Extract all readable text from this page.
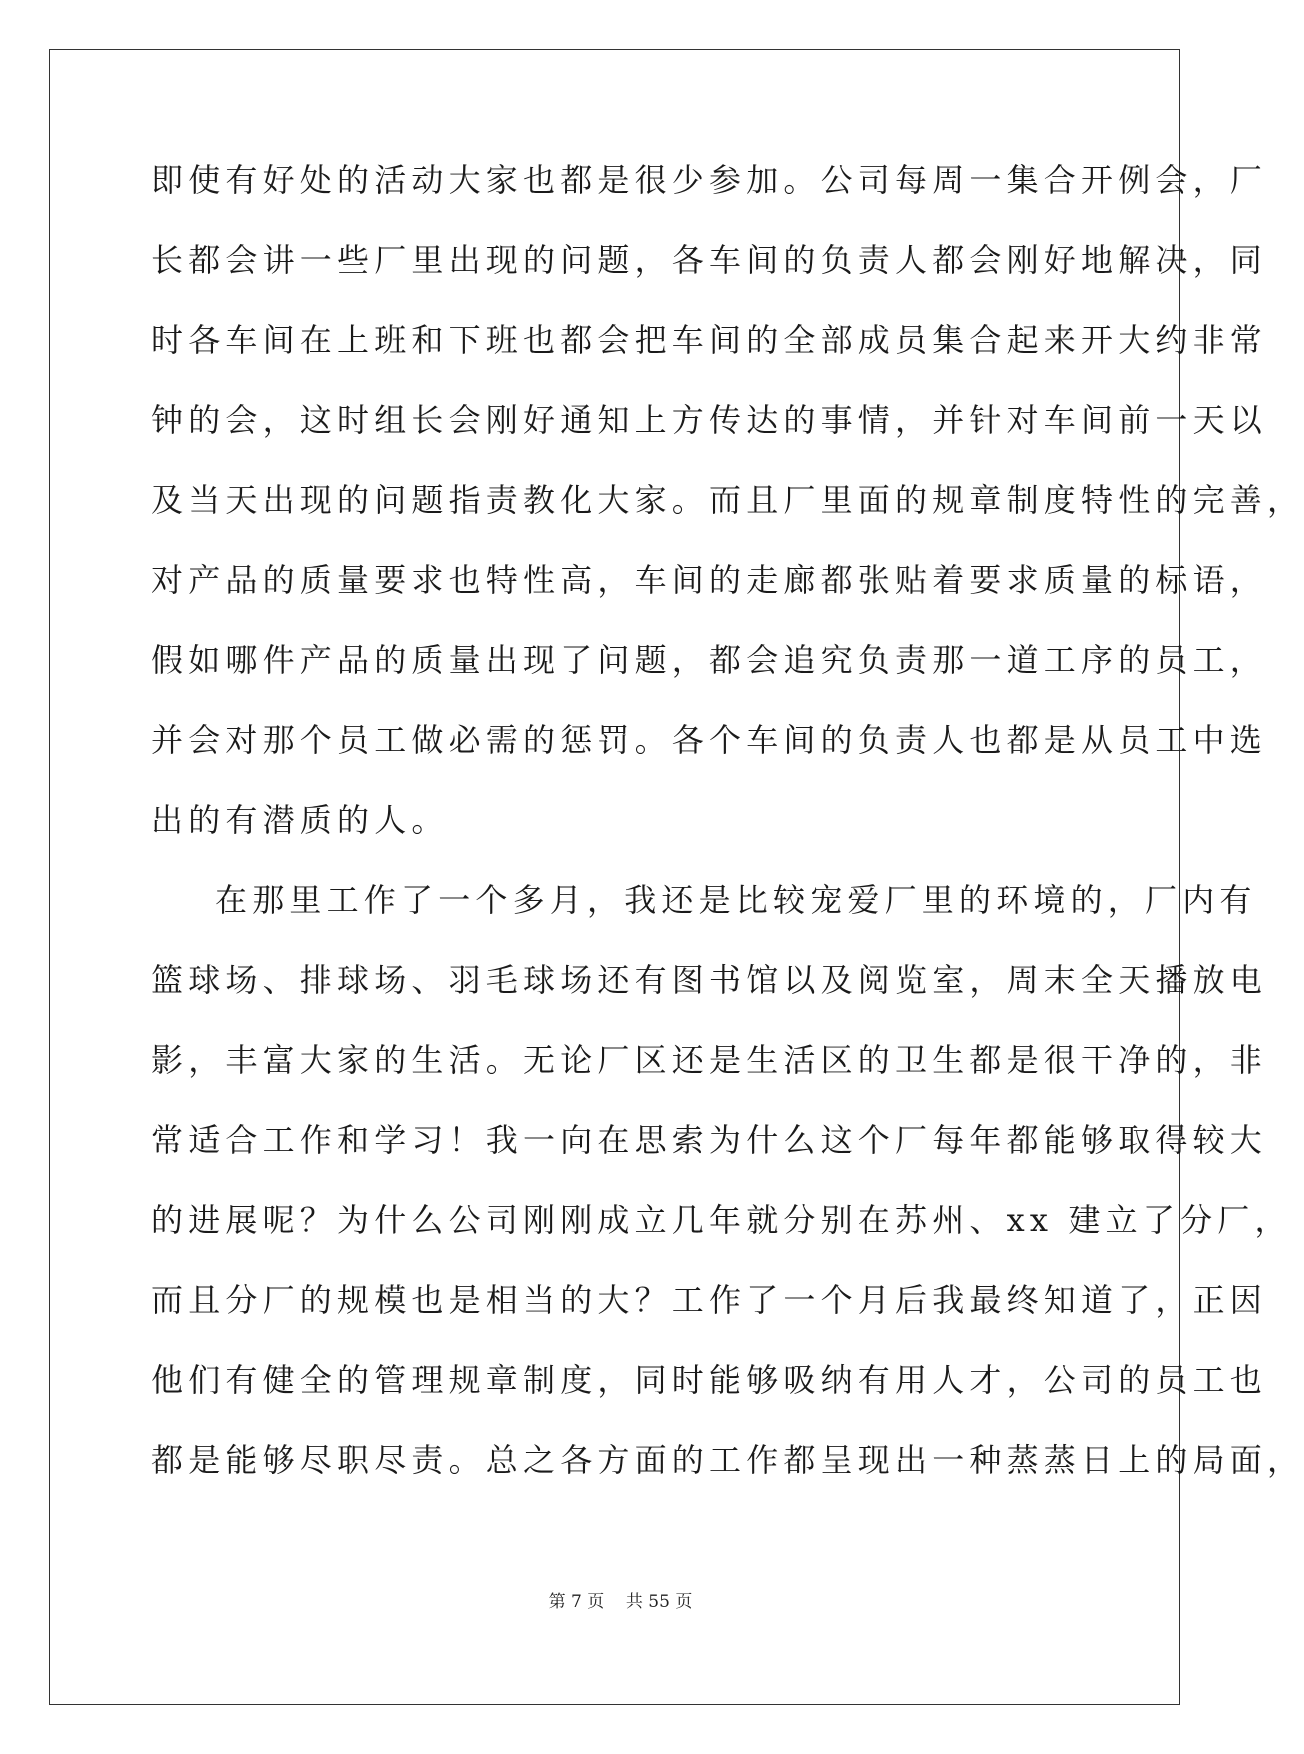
即使有好处的活动大家也都是很少参加。公司每周一集合开例会，厂
长都会讲一些厂里出现的问题，各车间的负责人都会刚好地解决，同
时各车间在上班和下班也都会把车间的全部成员集合起来开大约非常
钟的会，这时组长会刚好通知上方传达的事情，并针对车间前一天以
及当天出现的问题指责教化大家。而且厂里面的规章制度特性的完善，
对产品的质量要求也特性高，车间的走廊都张贴着要求质量的标语，
假如哪件产品的质量出现了问题，都会追究负责那一道工序的员工，
并会对那个员工做必需的惩罚。各个车间的负责人也都是从员工中选
出的有潜质的人。
在那里工作了一个多月，我还是比较宠爱厂里的环境的，厂内有
篮球场、排球场、羽毛球场还有图书馆以及阅览室，周末全天播放电
影，丰富大家的生活。无论厂区还是生活区的卫生都是很干净的，非
常适合工作和学习！我一向在思索为什么这个厂每年都能够取得较大
的进展呢？为什么公司刚刚成立几年就分别在苏州、xx 建立了分厂，
而且分厂的规模也是相当的大？工作了一个月后我最终知道了，正因
他们有健全的管理规章制度，同时能够吸纳有用人才，公司的员工也
都是能够尽职尽责。总之各方面的工作都呈现出一种蒸蒸日上的局面，
第 7 页    共 55 页
